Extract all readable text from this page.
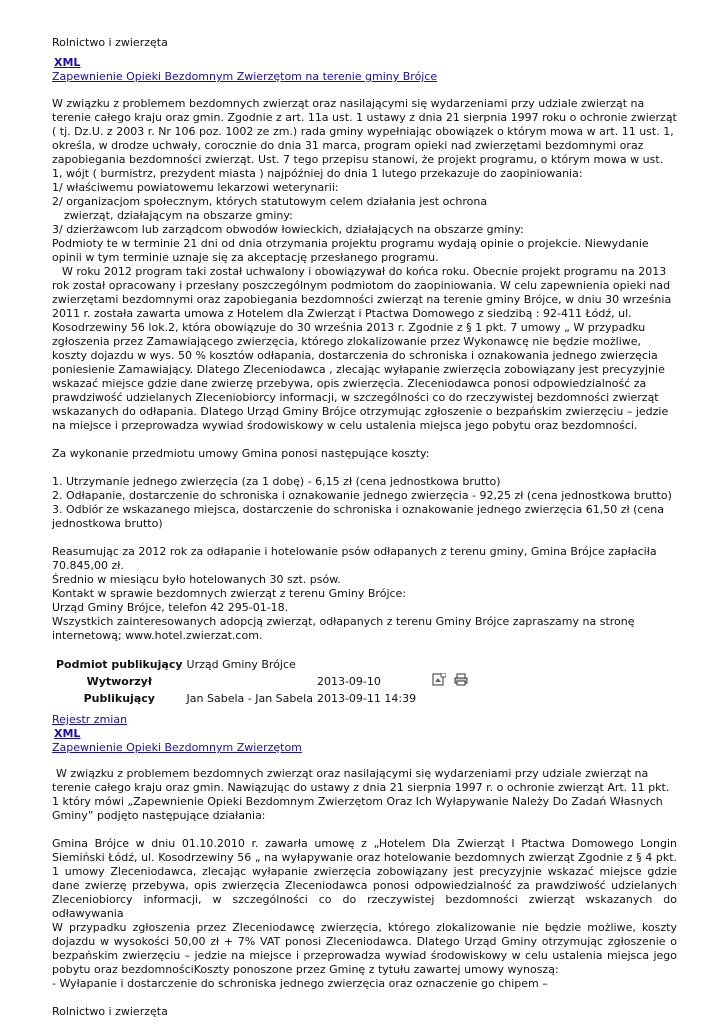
Rolnictwo i zwierzęta

XML

Zapewnienie Opieki Bezdomnym Zwierzętom na terenie gminy Brójce

W związku z problemem bezdomnych zwierząt oraz nasilającymi się wydarzeniami przy udziale zwierząt na terenie całego kraju oraz gmin. Zgodnie z art. 11a ust. 1 ustawy z dnia 21 sierpnia 1997 roku o ochronie zwierząt ( tj. Dz.U. z 2003 r. Nr 106 poz. 1002 ze zm.) rada gminy wypełniając obowiązek o którym mowa w art. 11 ust. 1, określa, w drodze uchwały, corocznie do dnia 31 marca, program opieki nad zwierzętami bezdomnymi oraz zapobiegania bezdomności zwierząt. Ust. 7 tego przepisu stanowi, że projekt programu, o którym mowa w ust. 1, wójt ( burmistrz, prezydent miasta ) najpóźniej do dnia 1 lutego przekazuje do zaopiniowania:

1/ właściwemu powiatowemu lekarzowi weterynarii:

2/ organizacjom społecznym, których statutowym celem działania jest ochrona

zwierząt, działającym na obszarze gminy:

3/ dzierżawcom lub zarządcom obwodów łowieckich, działających na obszarze gminy:

Podmioty te w terminie 21 dni od dnia otrzymania projektu programu wydają opinie o projekcie. Niewydanie opinii w tym terminie uznaje się za akceptację przesłanego programu.

W roku 2012 program taki został uchwalony i obowiązywał do końca roku. Obecnie projekt programu na 2013 rok został opracowany i przesłany poszczególnym podmiotom do zaopiniowania. W celu zapewnienia opieki nad zwierzętami bezdomnymi oraz zapobiegania bezdomności zwierząt na terenie gminy Brójce, w dniu 30 września 2011 r. została zawarta umowa z Hotelem dla Zwierząt i Ptactwa Domowego z siedzibą : 92-411 Łódź, ul. Kosodrzewiny 56 lok.2, która obowiązuje do 30 września 2013 r. Zgodnie z § 1 pkt. 7 umowy „ W przypadku zgłoszenia przez Zamawiającego zwierzęcia, którego zlokalizowanie przez Wykonawcę nie będzie możliwe, koszty dojazdu w wys. 50 % kosztów odłapania, dostarczenia do schroniska i oznakowania jednego zwierzęcia poniesienie Zamawiający. Dlatego Zleceniodawca , zlecając wyłapanie zwierzęcia zobowiązany jest precyzyjnie wskazać miejsce gdzie dane zwierzę przebywa, opis zwierzęcia. Zleceniodawca ponosi odpowiedzialność za prawdziwość udzielanych Zleceniobiorcy informacji, w szczególności co do rzeczywistej bezdomności zwierząt wskazanych do odłapania. Dlatego Urząd Gminy Brójce otrzymując zgłoszenie o bezpańskim zwierzęciu – jedzie na miejsce i przeprowadza wywiad środowiskowy w celu ustalenia miejsca jego pobytu oraz bezdomności.

Za wykonanie przedmiotu umowy Gmina ponosi następujące koszty:

1. Utrzymanie jednego zwierzęcia (za 1 dobę) - 6,15 zł (cena jednostkowa brutto)

2. Odłapanie, dostarczenie do schroniska i oznakowanie jednego zwierzęcia - 92,25 zł (cena jednostkowa brutto)

3. Odbiór ze wskazanego miejsca, dostarczenie do schroniska i oznakowanie jednego zwierzęcia 61,50 zł (cena jednostkowa brutto)

Reasumując za 2012 rok za odłapanie i hotelowanie psów odłapanych z terenu gminy, Gmina Brójce zapłaciła 70.845,00 zł.

Średnio w miesiącu było hotelowanych 30 szt. psów.

Kontakt w sprawie bezdomnych zwierząt z terenu Gminy Brójce:

Urząd Gminy Brójce, telefon 42 295-01-18.

Wszystkich zainteresowanych adopcją zwierząt, odłapanych z terenu Gminy Brójce zapraszamy na stronę internetową; www.hotel.zwierzat.com.

Podmiot publikujący	Urząd Gminy Brójce		
Wytworzył		2013-09-10	
Publikujący	Jan Sabela - Jan Sabela	2013-09-11 14:39	

Rejestr zmian

XML

Zapewnienie Opieki Bezdomnym Zwierzętom

W związku z problemem bezdomnych zwierząt oraz nasilającymi się wydarzeniami przy udziale zwierząt na terenie całego kraju oraz gmin. Nawiązując do ustawy z dnia 21 sierpnia 1997 r. o ochronie zwierząt Art. 11 pkt. 1 który mówi „Zapewnienie Opieki Bezdomnym Zwierzętom Oraz Ich Wyłapywanie Należy Do Zadań Własnych Gminy” podjęto następujące działania:

Gmina Brójce w dniu 01.10.2010 r. zawarła umowę z „Hotelem Dla Zwierząt I Ptactwa Domowego Longin Siemiński Łódź, ul. Kosodrzewiny 56 „ na wyłapywanie oraz hotelowanie bezdomnych zwierząt Zgodnie z § 4 pkt. 1 umowy Zleceniodawca, zlecając wyłapanie zwierzęcia zobowiązany jest precyzyjnie wskazać miejsce gdzie dane zwierzę przebywa, opis zwierzęcia Zleceniodawca ponosi odpowiedzialność za prawdziwość udzielanych Zleceniobiorcy informacji, w szczególności co do rzeczywistej bezdomności zwierząt wskazanych do odławywania

W przypadku zgłoszenia przez Zleceniodawcę zwierzęcia, którego zlokalizowanie nie będzie możliwe, koszty dojazdu w wysokości 50,00 zł + 7% VAT ponosi Zleceniodawca. Dlatego Urząd Gminy otrzymując zgłoszenie o bezpańskim zwierzęciu – jedzie na miejsce i przeprowadza wywiad środowiskowy w celu ustalenia miejsca jego pobytu oraz bezdomnościKoszty ponoszone przez Gminę z tytułu zawartej umowy wynoszą:

- Wyłapanie i dostarczenie do schroniska jednego zwierzęcia oraz oznaczenie go chipem –

Rolnictwo i zwierzęta
